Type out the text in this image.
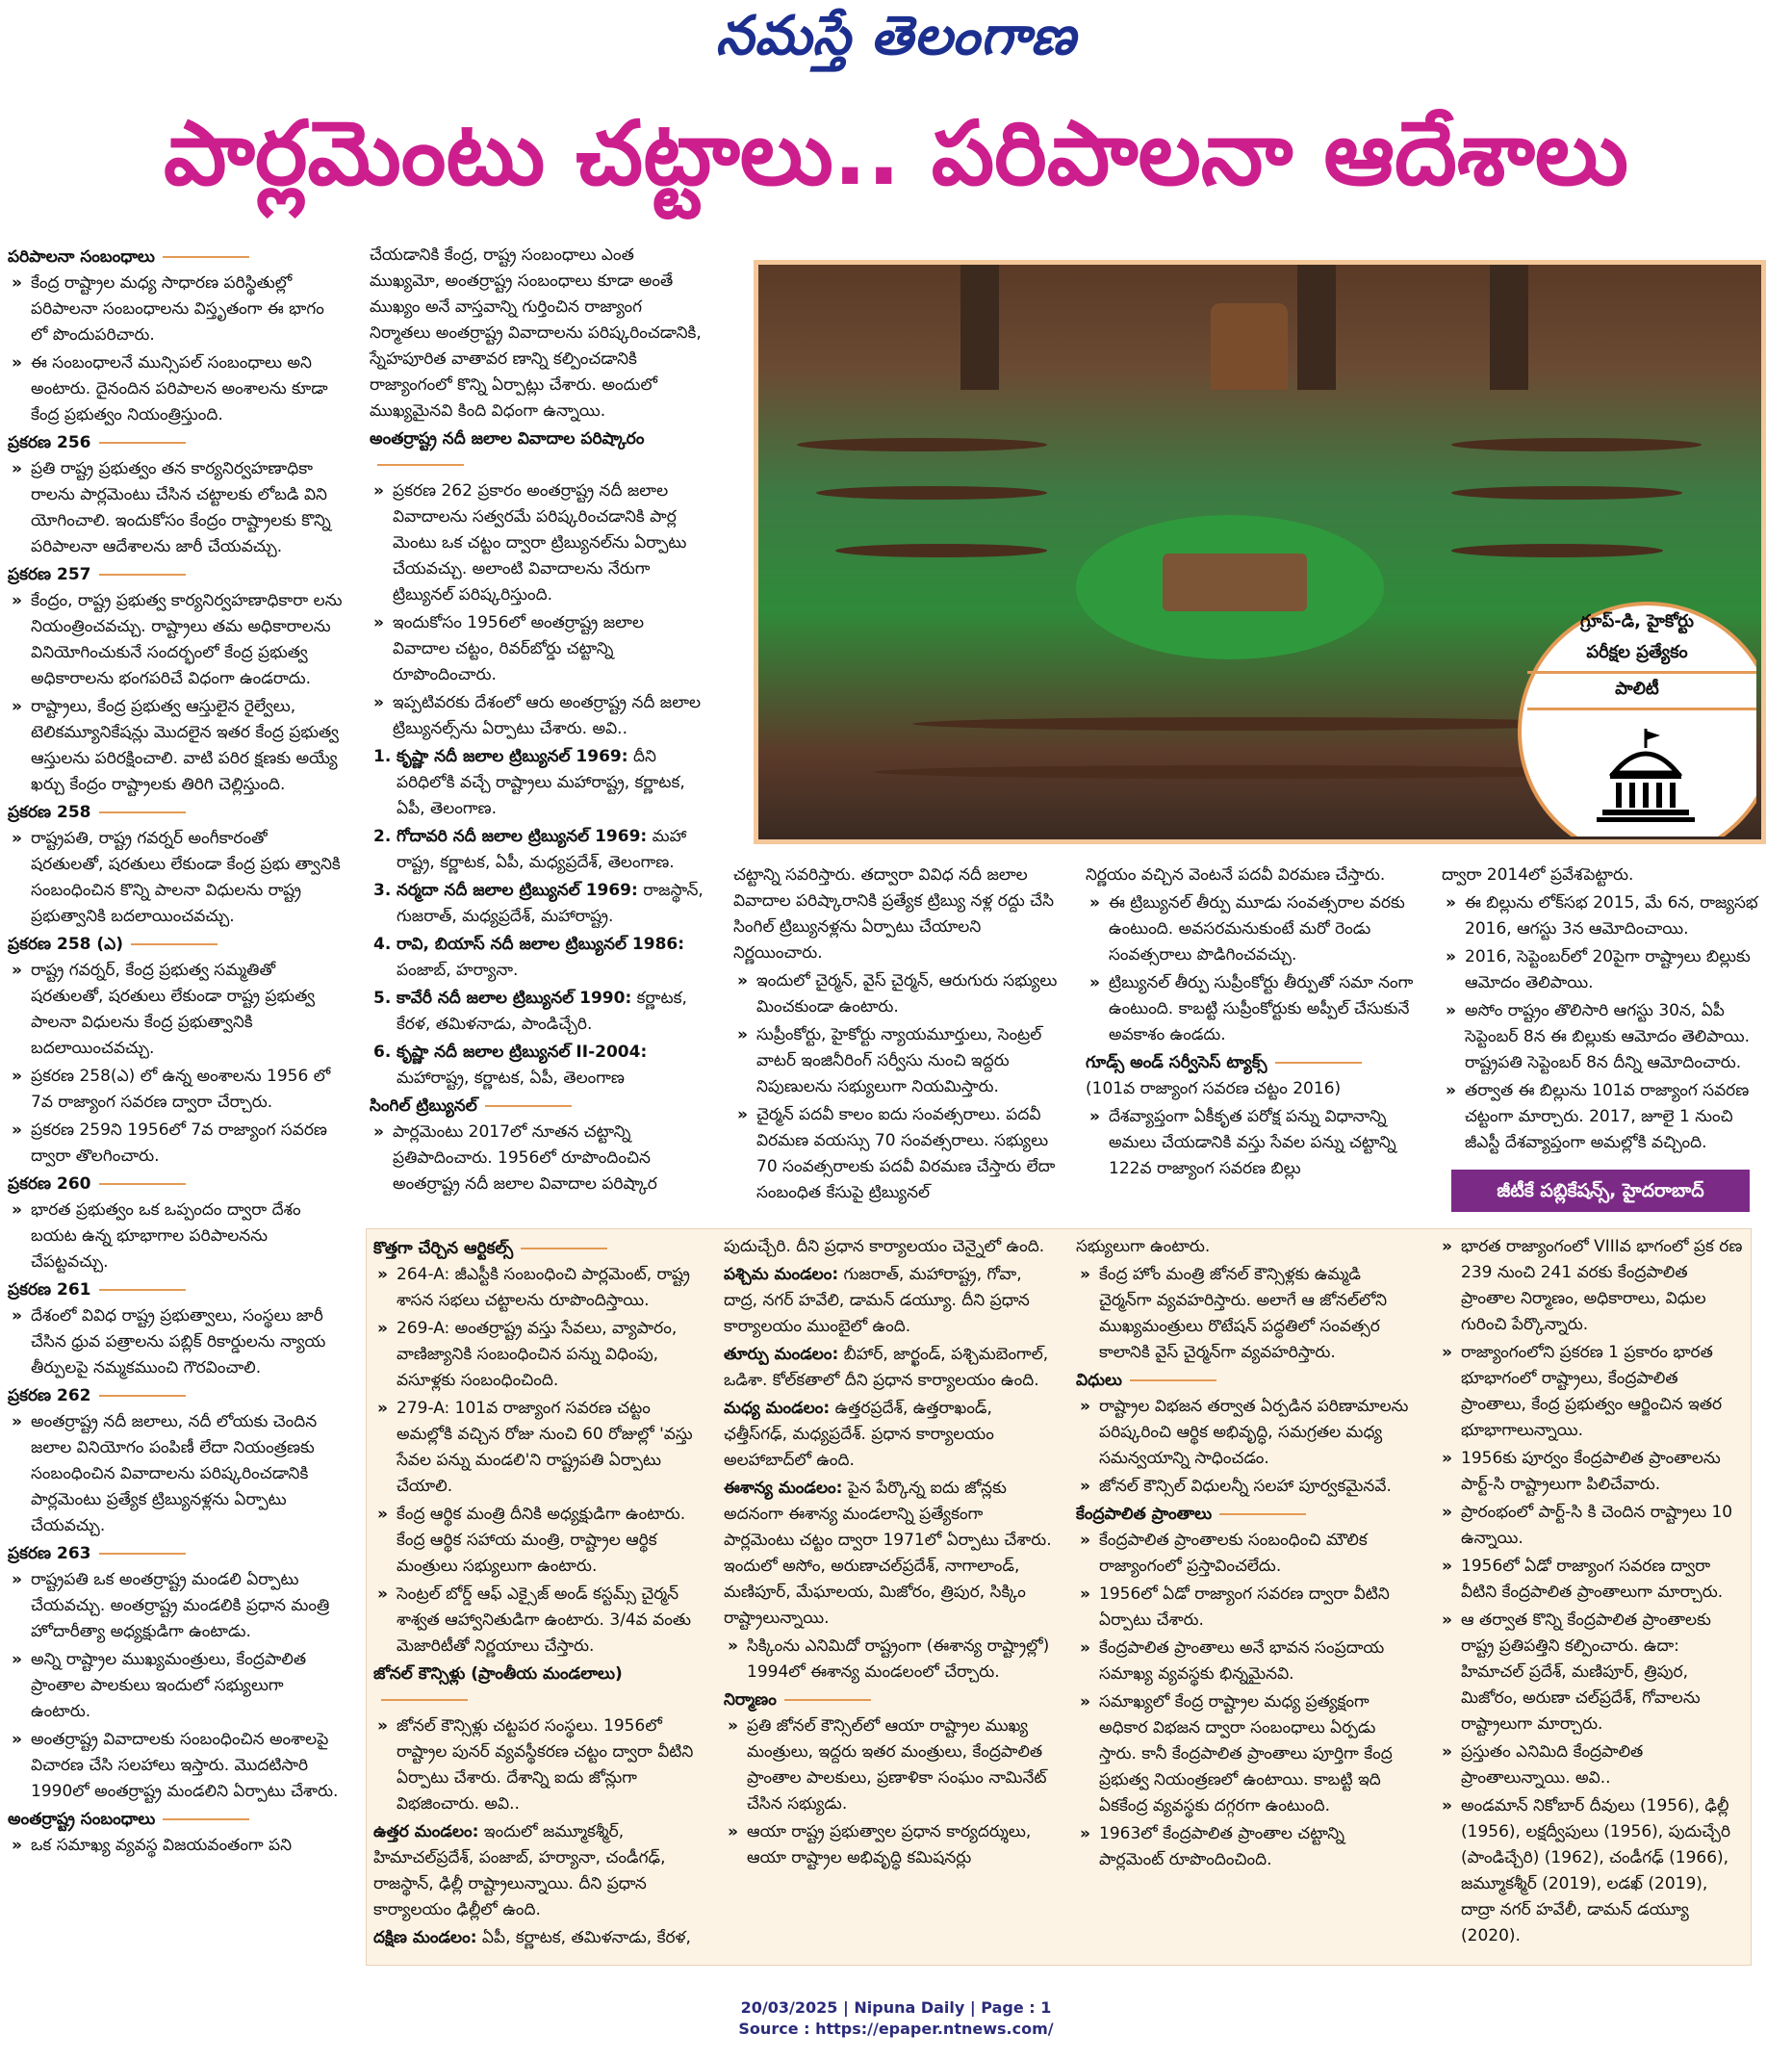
నమస్తే తెలంగాణ
పార్లమెంటు చట్టాలు.. పరిపాలనా ఆదేశాలు
పరిపాలనా సంబంధాలు

» కేంద్ర రాష్ట్రాల మధ్య సాధారణ పరిస్థితుల్లో పరిపాలనా సంబంధాలను విస్తృతంగా ఈ భాగం లో పొందుపరిచారు.

» ఈ సంబంధాలనే మున్సిపల్ సంబంధాలు అని అంటారు. దైనందిన పరిపాలన అంశాలను కూడా కేంద్ర ప్రభుత్వం నియంత్రిస్తుంది.

ప్రకరణ 256

» ప్రతి రాష్ట్ర ప్రభుత్వం తన కార్యనిర్వహణాధికా రాలను పార్లమెంటు చేసిన చట్టాలకు లోబడి విని యోగించాలి. ఇందుకోసం కేంద్రం రాష్ట్రాలకు కొన్ని పరిపాలనా ఆదేశాలను జారీ చేయవచ్చు.

ప్రకరణ 257

» కేంద్రం, రాష్ట్ర ప్రభుత్వ కార్యనిర్వహణాధికారా లను నియంత్రించవచ్చు. రాష్ట్రాలు తమ అధికారాలను వినియోగించుకునే సందర్భంలో కేంద్ర ప్రభుత్వ అధికారాలను భంగపరిచే విధంగా ఉండరాదు.

» రాష్ట్రాలు, కేంద్ర ప్రభుత్వ ఆస్తులైన రైల్వేలు, టెలికమ్యూనికేషన్లు మొదలైన ఇతర కేంద్ర ప్రభుత్వ ఆస్తులను పరిరక్షించాలి. వాటి పరిర క్షణకు అయ్యే ఖర్చు కేంద్రం రాష్ట్రాలకు తిరిగి చెల్లిస్తుంది.

ప్రకరణ 258

» రాష్ట్రపతి, రాష్ట్ర గవర్నర్ అంగీకారంతో షరతులతో, షరతులు లేకుండా కేంద్ర ప్రభు త్వానికి సంబంధించిన కొన్ని పాలనా విధులను రాష్ట్ర ప్రభుత్వానికి బదలాయించవచ్చు.

ప్రకరణ 258 (ఎ)

» రాష్ట్ర గవర్నర్, కేంద్ర ప్రభుత్వ సమ్మతితో షరతులతో, షరతులు లేకుండా రాష్ట్ర ప్రభుత్వ పాలనా విధులను కేంద్ర ప్రభుత్వానికి బదలాయించవచ్చు.

» ప్రకరణ 258(ఎ) లో ఉన్న అంశాలను 1956 లో 7వ రాజ్యాంగ సవరణ ద్వారా చేర్చారు.

» ప్రకరణ 259ని 1956లో 7వ రాజ్యాంగ సవరణ ద్వారా తొలగించారు.

ప్రకరణ 260

» భారత ప్రభుత్వం ఒక ఒప్పందం ద్వారా దేశం బయట ఉన్న భూభాగాల పరిపాలనను చేపట్టవచ్చు.

ప్రకరణ 261

» దేశంలో వివిధ రాష్ట్ర ప్రభుత్వాలు, సంస్థలు జారీ చేసిన ధ్రువ పత్రాలను పబ్లిక్ రికార్డులను న్యాయ తీర్పులపై నమ్మకముంచి గౌరవించాలి.

ప్రకరణ 262

» అంతర్రాష్ట్ర నదీ జలాలు, నదీ లోయకు చెందిన జలాల వినియోగం పంపిణీ లేదా నియంత్రణకు సంబంధించిన వివాదాలను పరిష్కరించడానికి పార్లమెంటు ప్రత్యేక ట్రిబ్యునళ్లను ఏర్పాటు చేయవచ్చు.

ప్రకరణ 263

» రాష్ట్రపతి ఒక అంతర్రాష్ట్ర మండలి ఏర్పాటు చేయవచ్చు. అంతర్రాష్ట్ర మండలికి ప్రధాన మంత్రి హోదారీత్యా అధ్యక్షుడిగా ఉంటాడు.

» అన్ని రాష్ట్రాల ముఖ్యమంత్రులు, కేంద్రపాలిత ప్రాంతాల పాలకులు ఇందులో సభ్యులుగా ఉంటారు.

» అంతర్రాష్ట్ర వివాదాలకు సంబంధించిన అంశాలపై విచారణ చేసి సలహాలు ఇస్తారు. మొదటిసారి 1990లో అంతర్రాష్ట్ర మండలిని ఏర్పాటు చేశారు.

అంతర్రాష్ట్ర సంబంధాలు

» ఒక సమాఖ్య వ్యవస్థ విజయవంతంగా పని

చేయడానికి కేంద్ర, రాష్ట్ర సంబంధాలు ఎంత ముఖ్యమో, అంతర్రాష్ట్ర సంబంధాలు కూడా అంతే ముఖ్యం అనే వాస్తవాన్ని గుర్తించిన రాజ్యాంగ నిర్మాతలు అంతర్రాష్ట్ర వివాదాలను పరిష్కరించడానికి, స్నేహపూరిత వాతావర ణాన్ని కల్పించడానికి రాజ్యాంగంలో కొన్ని ఏర్పాట్లు చేశారు. అందులో ముఖ్యమైనవి కింది విధంగా ఉన్నాయి.

అంతర్రాష్ట్ర నదీ జలాల వివాదాల పరిష్కారం

» ప్రకరణ 262 ప్రకారం అంతర్రాష్ట్ర నదీ జలాల వివాదాలను సత్వరమే పరిష్కరించడానికి పార్ల మెంటు ఒక చట్టం ద్వారా ట్రిబ్యునల్‌ను ఏర్పాటు చేయవచ్చు. అలాంటి వివాదాలను నేరుగా ట్రిబ్యునల్ పరిష్కరిస్తుంది.

» ఇందుకోసం 1956లో అంతర్రాష్ట్ర జలాల వివాదాల చట్టం, రివర్‌బోర్డు చట్టాన్ని రూపొందించారు.

» ఇప్పటివరకు దేశంలో ఆరు అంతర్రాష్ట్ర నదీ జలాల ట్రిబ్యునల్స్‌ను ఏర్పాటు చేశారు. అవి..

1. కృష్ణా నదీ జలాల ట్రిబ్యునల్ 1969: దీని పరిధిలోకి వచ్చే రాష్ట్రాలు మహారాష్ట్ర, కర్ణాటక, ఏపీ, తెలంగాణ.

2. గోదావరి నదీ జలాల ట్రిబ్యునల్ 1969: మహా రాష్ట్ర, కర్ణాటక, ఏపీ, మధ్యప్రదేశ్, తెలంగాణ.

3. నర్మదా నదీ జలాల ట్రిబ్యునల్ 1969: రాజస్థాన్, గుజరాత్, మధ్యప్రదేశ్, మహారాష్ట్ర.

4. రావి, బియాస్ నదీ జలాల ట్రిబ్యునల్ 1986: పంజాబ్, హర్యానా.

5. కావేరీ నదీ జలాల ట్రిబ్యునల్ 1990: కర్ణాటక, కేరళ, తమిళనాడు, పాండిచ్చేరి.

6. కృష్ణా నదీ జలాల ట్రిబ్యునల్ II-2004: మహారాష్ట్ర, కర్ణాటక, ఏపీ, తెలంగాణ

సింగిల్ ట్రిబ్యునల్

» పార్లమెంటు 2017లో నూతన చట్టాన్ని ప్రతిపాదించారు. 1956లో రూపొందించిన అంతర్రాష్ట్ర నదీ జలాల వివాదాల పరిష్కార

గ్రూప్-డి, హైకోర్టు
పరీక్షల ప్రత్యేకం
పాలిటీ

చట్టాన్ని సవరిస్తారు. తద్వారా వివిధ నదీ జలాల వివాదాల పరిష్కారానికి ప్రత్యేక ట్రిబ్యు నళ్ల రద్దు చేసి సింగిల్ ట్రిబ్యునళ్లను ఏర్పాటు చేయాలని నిర్ణయించారు.

» ఇందులో చైర్మన్, వైస్ చైర్మన్, ఆరుగురు సభ్యులు మించకుండా ఉంటారు.

» సుప్రీంకోర్టు, హైకోర్టు న్యాయమూర్తులు, సెంట్రల్ వాటర్ ఇంజినీరింగ్ సర్వీసు నుంచి ఇద్దరు నిపుణులను సభ్యులుగా నియమిస్తారు.

» చైర్మన్ పదవీ కాలం ఐదు సంవత్సరాలు. పదవీ విరమణ వయస్సు 70 సంవత్సరాలు. సభ్యులు 70 సంవత్సరాలకు పదవీ విరమణ చేస్తారు లేదా సంబంధిత కేసుపై ట్రిబ్యునల్

నిర్ణయం వచ్చిన వెంటనే పదవీ విరమణ చేస్తారు.

» ఈ ట్రిబ్యునల్ తీర్పు మూడు సంవత్సరాల వరకు ఉంటుంది. అవసరమనుకుంటే మరో రెండు సంవత్సరాలు పొడిగించవచ్చు.

» ట్రిబ్యునల్ తీర్పు సుప్రీంకోర్టు తీర్పుతో సమా నంగా ఉంటుంది. కాబట్టి సుప్రీంకోర్టుకు అప్పీల్ చేసుకునే అవకాశం ఉండదు.

గూడ్స్ అండ్ సర్వీసెస్ ట్యాక్స్

(101వ రాజ్యాంగ సవరణ చట్టం 2016)

» దేశవ్యాప్తంగా ఏకీకృత పరోక్ష పన్ను విధానాన్ని అమలు చేయడానికి వస్తు సేవల పన్ను చట్టాన్ని 122వ రాజ్యాంగ సవరణ బిల్లు

ద్వారా 2014లో ప్రవేశపెట్టారు.

» ఈ బిల్లును లోక్‌సభ 2015, మే 6న, రాజ్యసభ 2016, ఆగస్టు 3న ఆమోదించాయి.

» 2016, సెప్టెంబర్‌లో 20పైగా రాష్ట్రాలు బిల్లుకు ఆమోదం తెలిపాయి.

» అసోం రాష్ట్రం తొలిసారి ఆగస్టు 30న, ఏపీ సెప్టెంబర్ 8న ఈ బిల్లుకు ఆమోదం తెలిపాయి. రాష్ట్రపతి సెప్టెంబర్ 8న దీన్ని ఆమోదించారు.

» తర్వాత ఈ బిల్లును 101వ రాజ్యాంగ సవరణ చట్టంగా మార్చారు. 2017, జూలై 1 నుంచి జీఎస్టీ దేశవ్యాప్తంగా అమల్లోకి వచ్చింది.

జీటీకే పబ్లికేషన్స్, హైదరాబాద్
కొత్తగా చేర్చిన ఆర్టికల్స్

» 264-A: జీఎస్టీకి సంబంధించి పార్లమెంట్, రాష్ట్ర శాసన సభలు చట్టాలను రూపొందిస్తాయి.

» 269-A: అంతర్రాష్ట్ర వస్తు సేవలు, వ్యాపారం, వాణిజ్యానికి సంబంధించిన పన్ను విధింపు, వసూళ్లకు సంబంధించింది.

» 279-A: 101వ రాజ్యాంగ సవరణ చట్టం అమల్లోకి వచ్చిన రోజు నుంచి 60 రోజుల్లో 'వస్తు సేవల పన్ను మండలి'ని రాష్ట్రపతి ఏర్పాటు చేయాలి.

» కేంద్ర ఆర్థిక మంత్రి దీనికి అధ్యక్షుడిగా ఉంటారు. కేంద్ర ఆర్థిక సహాయ మంత్రి, రాష్ట్రాల ఆర్థిక మంత్రులు సభ్యులుగా ఉంటారు.

» సెంట్రల్ బోర్డ్ ఆఫ్ ఎక్సైజ్ అండ్ కస్టమ్స్ చైర్మన్ శాశ్వత ఆహ్వానితుడిగా ఉంటారు. 3/4వ వంతు మెజారిటీతో నిర్ణయాలు చేస్తారు.

జోనల్ కౌన్సిళ్లు (ప్రాంతీయ మండలాలు)

» జోనల్ కౌన్సిళ్లు చట్టపర సంస్థలు. 1956లో రాష్ట్రాల పునర్ వ్యవస్థీకరణ చట్టం ద్వారా వీటిని ఏర్పాటు చేశారు. దేశాన్ని ఐదు జోన్లుగా విభజించారు. అవి..

ఉత్తర మండలం: ఇందులో జమ్మూకశ్మీర్, హిమాచల్‌ప్రదేశ్, పంజాబ్, హర్యానా, చండీగఢ్, రాజస్థాన్, ఢిల్లీ రాష్ట్రాలున్నాయి. దీని ప్రధాన కార్యాలయం ఢిల్లీలో ఉంది.

దక్షిణ మండలం: ఏపీ, కర్ణాటక, తమిళనాడు, కేరళ,

పుదుచ్చేరి. దీని ప్రధాన కార్యాలయం చెన్నైలో ఉంది.

పశ్చిమ మండలం: గుజరాత్, మహారాష్ట్ర, గోవా, దాద్ర, నగర్ హవేలి, డామన్ డయ్యూ. దీని ప్రధాన కార్యాలయం ముంబైలో ఉంది.

తూర్పు మండలం: బీహార్, జార్ఖండ్, పశ్చిమబెంగాల్, ఒడిశా. కోల్‌కతాలో దీని ప్రధాన కార్యాలయం ఉంది.

మధ్య మండలం: ఉత్తరప్రదేశ్, ఉత్తరాఖండ్, ఛత్తీస్‌గఢ్, మధ్యప్రదేశ్. ప్రధాన కార్యాలయం అలహాబాద్‌లో ఉంది.

ఈశాన్య మండలం: పైన పేర్కొన్న ఐదు జోన్లకు అదనంగా ఈశాన్య మండలాన్ని ప్రత్యేకంగా పార్లమెంటు చట్టం ద్వారా 1971లో ఏర్పాటు చేశారు. ఇందులో అసోం, అరుణాచల్‌ప్రదేశ్, నాగాలాండ్, మణిపూర్, మేఘాలయ, మిజోరం, త్రిపుర, సిక్కిం రాష్ట్రాలున్నాయి.

» సిక్కింను ఎనిమిదో రాష్ట్రంగా (ఈశాన్య రాష్ట్రాల్లో) 1994లో ఈశాన్య మండలంలో చేర్చారు.

నిర్మాణం

» ప్రతి జోనల్ కౌన్సిల్‌లో ఆయా రాష్ట్రాల ముఖ్య మంత్రులు, ఇద్దరు ఇతర మంత్రులు, కేంద్రపాలిత ప్రాంతాల పాలకులు, ప్రణాళికా సంఘం నామినేట్ చేసిన సభ్యుడు.

» ఆయా రాష్ట్ర ప్రభుత్వాల ప్రధాన కార్యదర్శులు, ఆయా రాష్ట్రాల అభివృద్ధి కమిషనర్లు

సభ్యులుగా ఉంటారు.

» కేంద్ర హోం మంత్రి జోనల్ కౌన్సిళ్లకు ఉమ్మడి చైర్మన్‌గా వ్యవహరిస్తారు. అలాగే ఆ జోనల్‌లోని ముఖ్యమంత్రులు రొటేషన్ పద్ధతిలో సంవత్సర కాలానికి వైస్ చైర్మన్‌గా వ్యవహరిస్తారు.

విధులు

» రాష్ట్రాల విభజన తర్వాత ఏర్పడిన పరిణామాలను పరిష్కరించి ఆర్థిక అభివృద్ధి, సమగ్రతల మధ్య సమన్వయాన్ని సాధించడం.

» జోనల్ కౌన్సిల్ విధులన్నీ సలహా పూర్వకమైనవే.

కేంద్రపాలిత ప్రాంతాలు

» కేంద్రపాలిత ప్రాంతాలకు సంబంధించి మౌలిక రాజ్యాంగంలో ప్రస్తావించలేదు.

» 1956లో ఏడో రాజ్యాంగ సవరణ ద్వారా వీటిని ఏర్పాటు చేశారు.

» కేంద్రపాలిత ప్రాంతాలు అనే భావన సంప్రదాయ సమాఖ్య వ్యవస్థకు భిన్నమైనవి.

» సమాఖ్యలో కేంద్ర రాష్ట్రాల మధ్య ప్రత్యక్షంగా అధికార విభజన ద్వారా సంబంధాలు ఏర్పడు స్తారు. కానీ కేంద్రపాలిత ప్రాంతాలు పూర్తిగా కేంద్ర ప్రభుత్వ నియంత్రణలో ఉంటాయి. కాబట్టి ఇది ఏకకేంద్ర వ్యవస్థకు దగ్గరగా ఉంటుంది.

» 1963లో కేంద్రపాలిత ప్రాంతాల చట్టాన్ని పార్లమెంట్ రూపొందించింది.

» భారత రాజ్యాంగంలో VIIIవ భాగంలో ప్రక రణ 239 నుంచి 241 వరకు కేంద్రపాలిత ప్రాంతాల నిర్మాణం, అధికారాలు, విధుల గురించి పేర్కొన్నారు.

» రాజ్యాంగంలోని ప్రకరణ 1 ప్రకారం భారత భూభాగంలో రాష్ట్రాలు, కేంద్రపాలిత ప్రాంతాలు, కేంద్ర ప్రభుత్వం ఆర్జించిన ఇతర భూభాగాలున్నాయి.

» 1956కు పూర్వం కేంద్రపాలిత ప్రాంతాలను పార్ట్-సి రాష్ట్రాలుగా పిలిచేవారు.

» ప్రారంభంలో పార్ట్-సి కి చెందిన రాష్ట్రాలు 10 ఉన్నాయి.

» 1956లో ఏడో రాజ్యాంగ సవరణ ద్వారా వీటిని కేంద్రపాలిత ప్రాంతాలుగా మార్చారు.

» ఆ తర్వాత కొన్ని కేంద్రపాలిత ప్రాంతాలకు రాష్ట్ర ప్రతిపత్తిని కల్పించారు. ఉదా: హిమాచల్ ప్రదేశ్, మణిపూర్, త్రిపుర, మిజోరం, అరుణా చల్‌ప్రదేశ్, గోవాలను రాష్ట్రాలుగా మార్చారు.

» ప్రస్తుతం ఎనిమిది కేంద్రపాలిత ప్రాంతాలున్నాయి. అవి..

» అండమాన్ నికోబార్ దీవులు (1956), ఢిల్లీ (1956), లక్షద్వీపులు (1956), పుదుచ్చేరి (పాండిచ్చేరి) (1962), చండీగఢ్ (1966), జమ్మూకశ్మీర్ (2019), లడఖ్ (2019), దాద్రా నగర్ హవేలీ, డామన్ డయ్యూ (2020).

20/03/2025 | Nipuna Daily | Page : 1
Source : https://epaper.ntnews.com/
